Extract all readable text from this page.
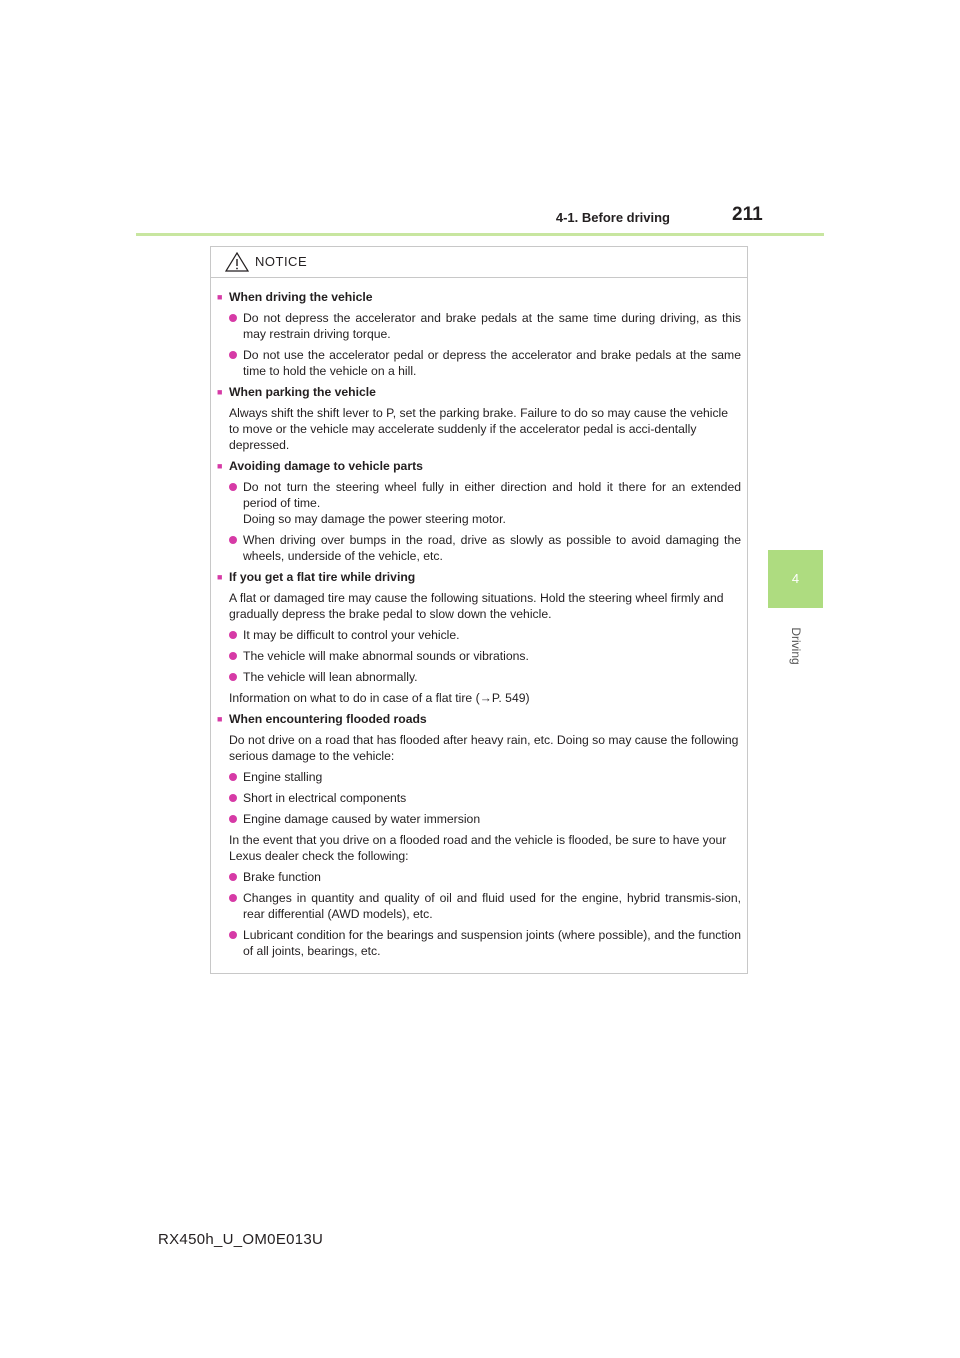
4-1. Before driving	211
4
Driving
NOTICE
■ When driving the vehicle
Do not depress the accelerator and brake pedals at the same time during driving, as this may restrain driving torque.
Do not use the accelerator pedal or depress the accelerator and brake pedals at the same time to hold the vehicle on a hill.
■ When parking the vehicle
Always shift the shift lever to P, set the parking brake. Failure to do so may cause the vehicle to move or the vehicle may accelerate suddenly if the accelerator pedal is acci-dentally depressed.
■ Avoiding damage to vehicle parts
Do not turn the steering wheel fully in either direction and hold it there for an extended period of time.
Doing so may damage the power steering motor.
When driving over bumps in the road, drive as slowly as possible to avoid damaging the wheels, underside of the vehicle, etc.
■ If you get a flat tire while driving
A flat or damaged tire may cause the following situations. Hold the steering wheel firmly and gradually depress the brake pedal to slow down the vehicle.
It may be difficult to control your vehicle.
The vehicle will make abnormal sounds or vibrations.
The vehicle will lean abnormally.
Information on what to do in case of a flat tire (→P. 549)
■ When encountering flooded roads
Do not drive on a road that has flooded after heavy rain, etc. Doing so may cause the following serious damage to the vehicle:
Engine stalling
Short in electrical components
Engine damage caused by water immersion
In the event that you drive on a flooded road and the vehicle is flooded, be sure to have your Lexus dealer check the following:
Brake function
Changes in quantity and quality of oil and fluid used for the engine, hybrid transmis-sion, rear differential (AWD models), etc.
Lubricant condition for the bearings and suspension joints (where possible), and the function of all joints, bearings, etc.
RX450h_U_OM0E013U
